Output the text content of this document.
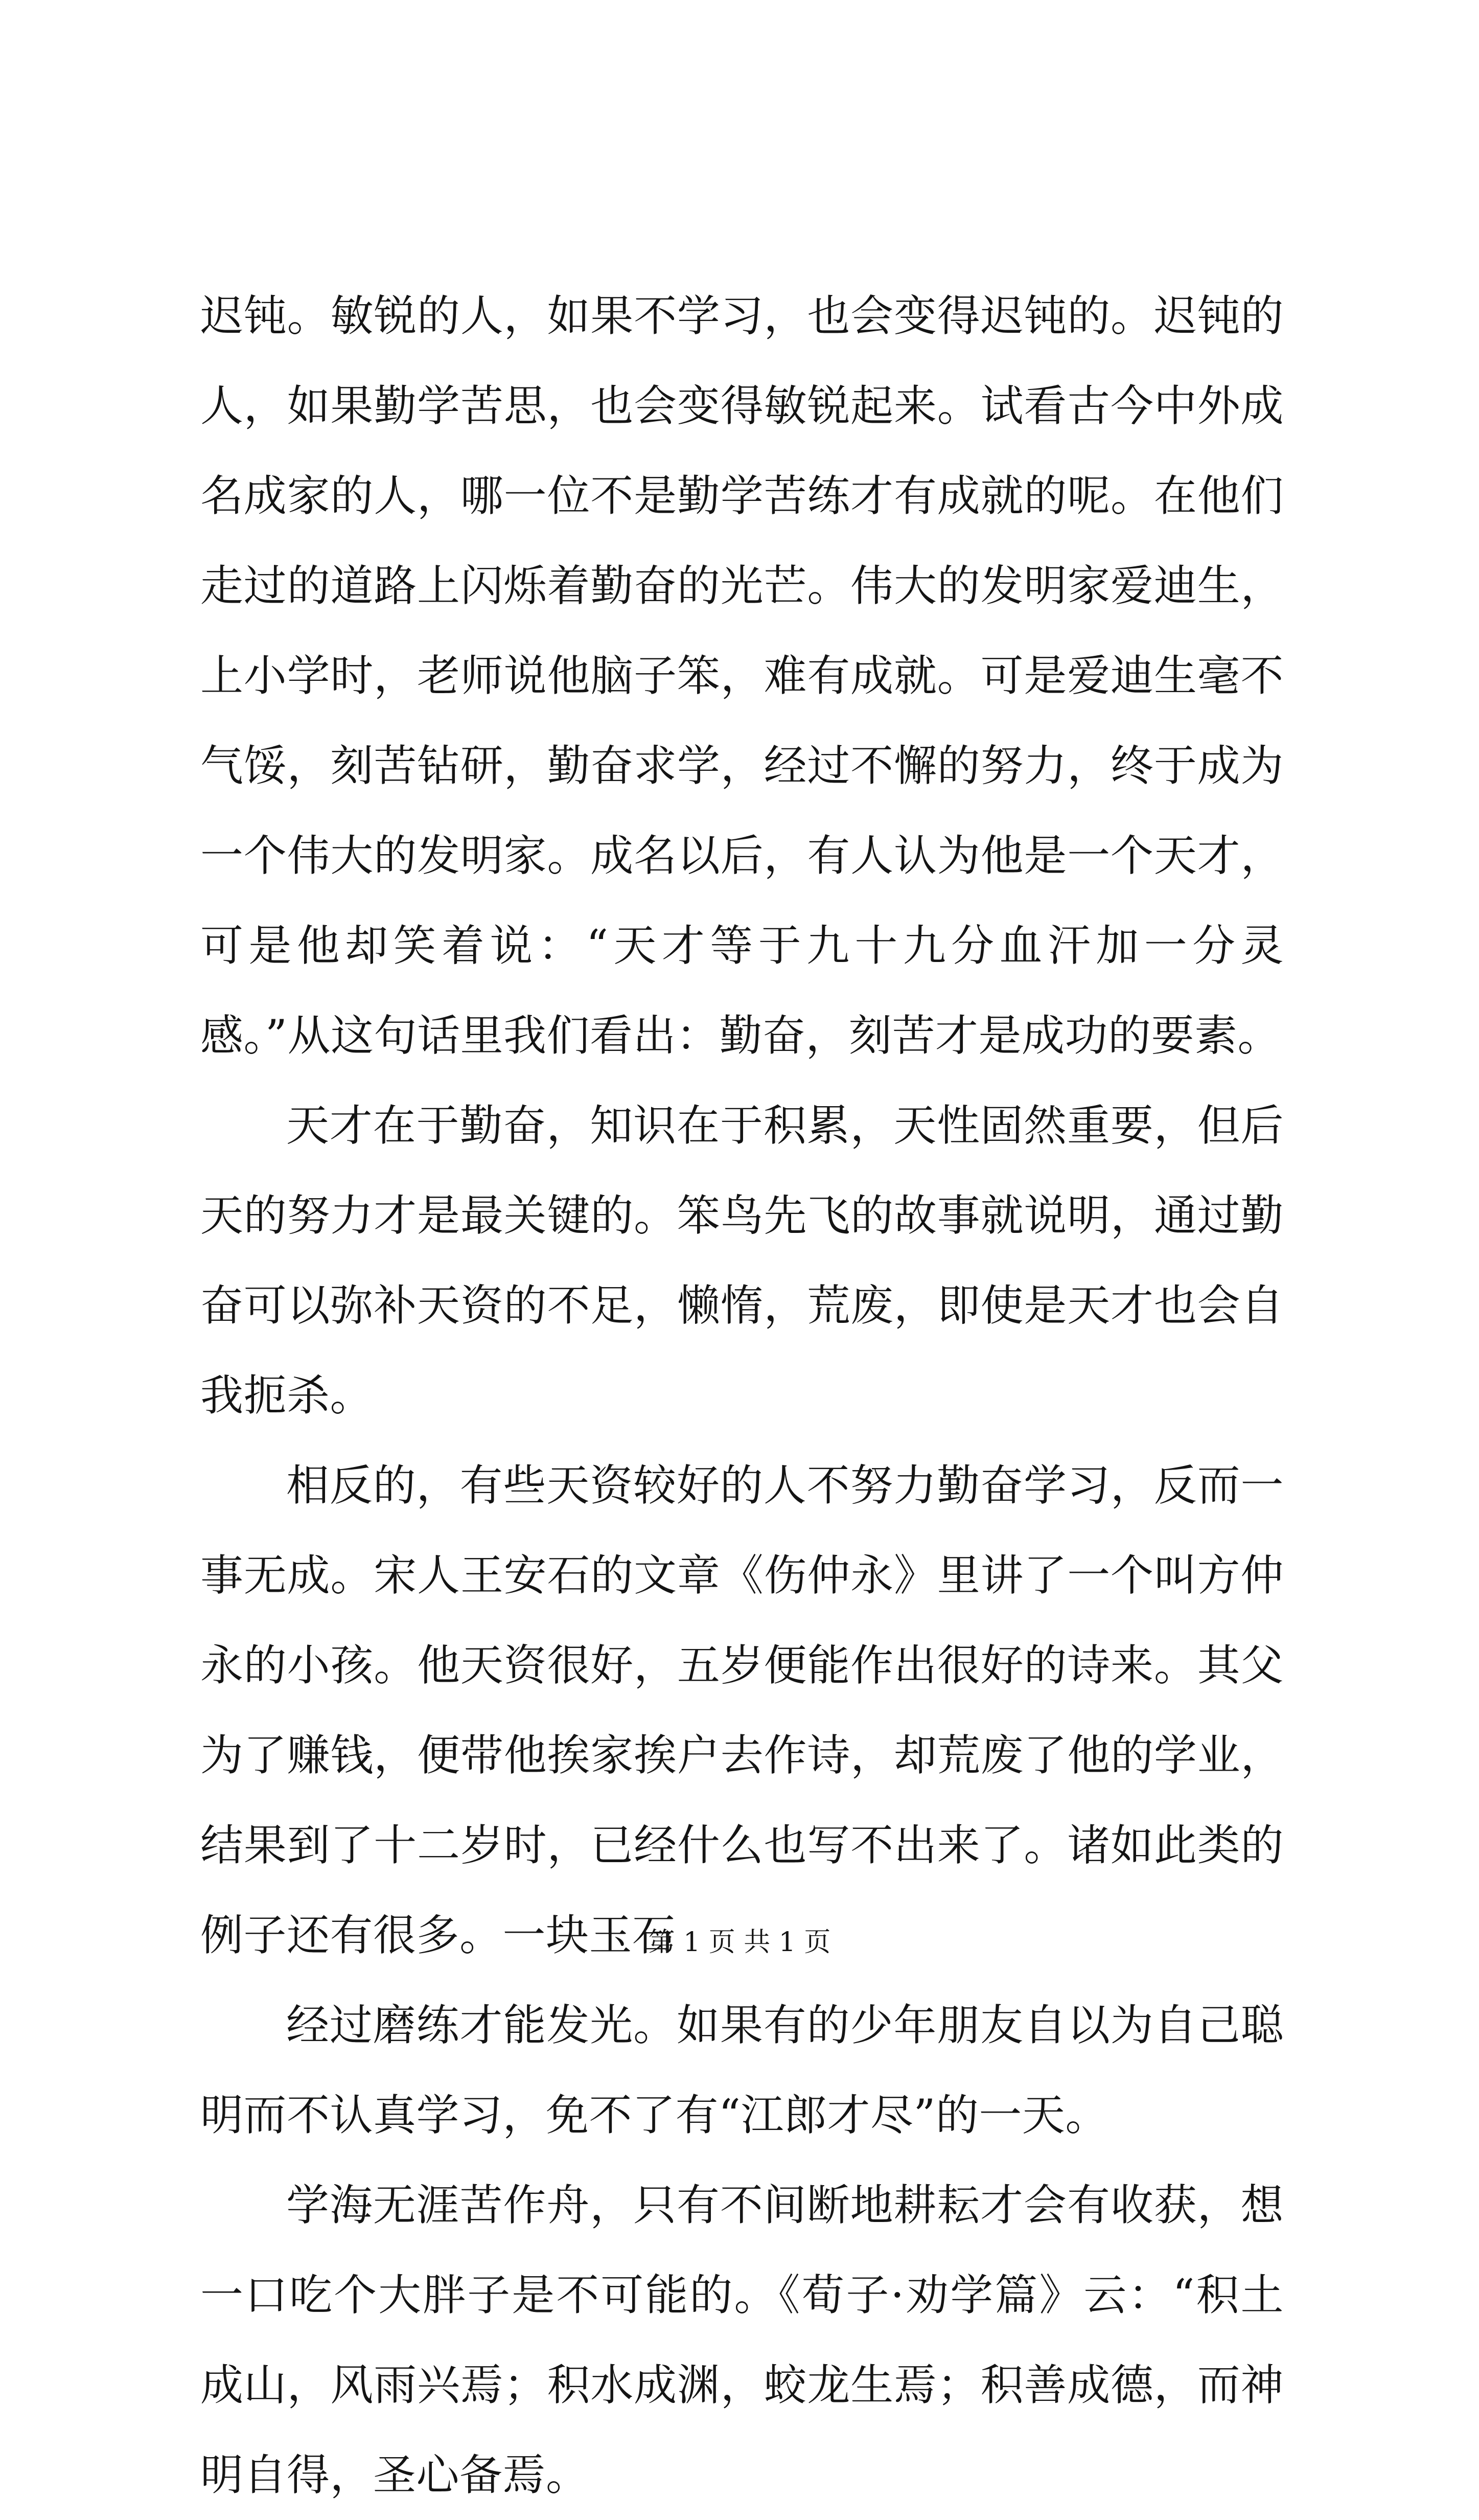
迟钝。敏锐的人，如果不学习，也会变得迟钝的。迟钝的人，如果勤学苦思，也会变得敏锐起来。试看古今中外成名成家的人，哪一位不是勤学苦练才有成就的呢。在他们走过的道路上闪烁着勤奋的光芒。伟大的发明家爱迪生，上小学时，老师说他脑子笨，难有成就。可是爱迪生毫不气馁，刻苦钻研，勤奋求学，经过不懈的努力，终于成为一个伟大的发明家。成名以后，有人认为他是一个天才，可是他却笑着说：“天才等于九十九分血汗加一分灵感。”从这句话里我们看出：勤奋，刻苦才是成功的要素。

天才在于勤奋，知识在于积累，天性固然重要，但后天的努力才是最关键的。笨鸟先飞的故事就说明，通过勤奋可以弥补天资的不足，懒惰，荒废，即使是天才也会自我扼杀。

相反的，有些天资较好的人不努力勤奋学习，反而一事无成。宋人王安石的文章《伤仲永》里讲了一个叫方仲永的小孩。他天资很好，五岁便能作出很好的诗来。其父为了赚钱，便带他挨家挨户去作诗，却荒废了他的学业，结果到了十二岁时，已经什么也写不出来了。诸如此类的例子还有很多。一块玉石

经过磨练才能发光。如果有的少年朋友自以为自己聪明而不认真学习，免不了有“江郎才尽”的一天。

学海无涯苦作舟，只有不间断地耕耘才会有收获，想一口吃个大胖子是不可能的。《荀子·劝学篇》云：“积土成山，风雨兴焉；积水成渊，蛟龙生焉；积善成德，而神明自得，圣心备焉。

第 1 页 共 1 页
